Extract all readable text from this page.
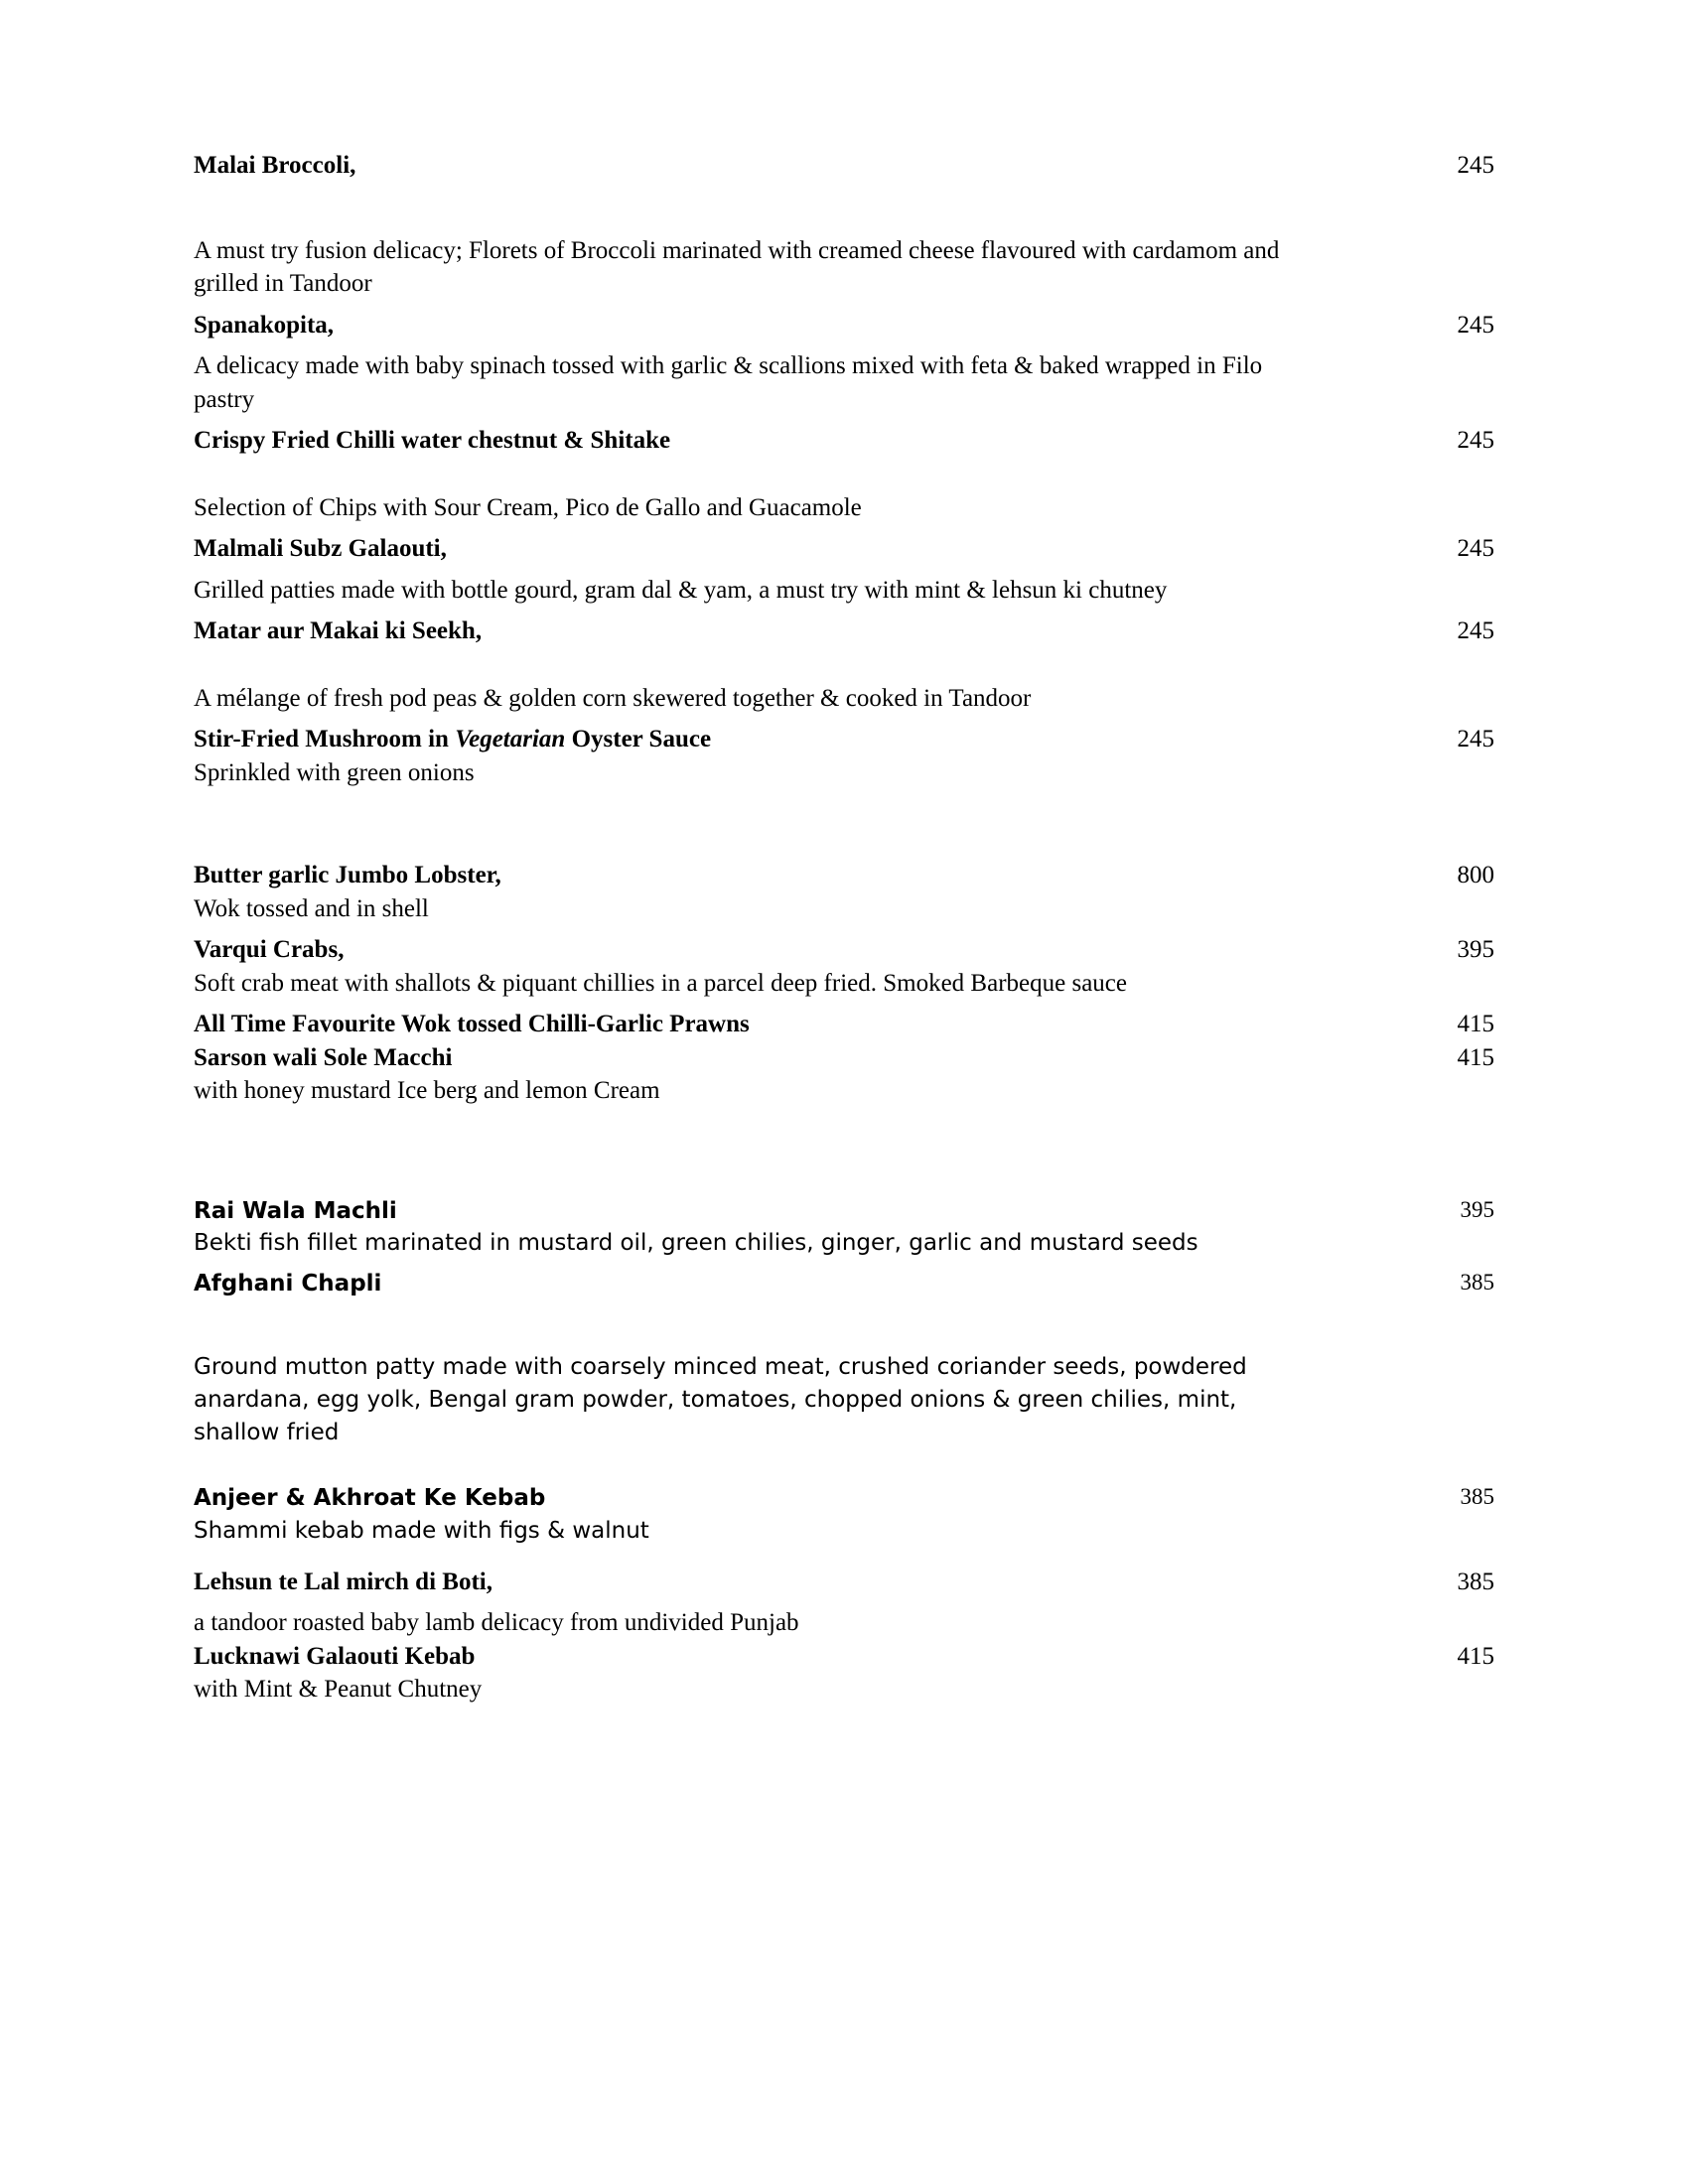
Malai Broccoli,	245
A must try fusion delicacy; Florets of Broccoli marinated with creamed cheese flavoured with cardamom and grilled in Tandoor
Spanakopita,	245
A delicacy made with baby spinach tossed with garlic & scallions mixed with feta & baked wrapped in Filo pastry
Crispy Fried Chilli water chestnut & Shitake	245
Selection of Chips with Sour Cream, Pico de Gallo and Guacamole
Malmali Subz Galaouti,	245
Grilled patties made with bottle gourd, gram dal & yam, a must try with mint & lehsun ki chutney
Matar aur Makai ki Seekh,	245
A mélange of fresh pod peas & golden corn skewered together & cooked in Tandoor
Stir-Fried Mushroom in Vegetarian Oyster Sauce	245
Sprinkled with green onions
Butter garlic Jumbo Lobster,	800
Wok tossed and in shell
Varqui Crabs,	395
Soft crab meat with shallots & piquant chillies in a parcel deep fried. Smoked Barbeque sauce
All Time Favourite Wok tossed Chilli-Garlic Prawns	415
Sarson wali Sole Macchi	415
with honey mustard Ice berg and lemon Cream
Rai Wala Machli	395
Bekti fish fillet marinated in mustard oil, green chilies, ginger, garlic and mustard seeds
Afghani Chapli	385
Ground mutton patty made with coarsely minced meat, crushed coriander seeds, powdered anardana, egg yolk, Bengal gram powder, tomatoes, chopped onions & green chilies, mint, shallow fried
Anjeer & Akhroat Ke Kebab	385
Shammi kebab made with figs & walnut
Lehsun te Lal mirch di Boti,	385
a tandoor roasted baby lamb delicacy from undivided Punjab
Lucknawi Galaouti Kebab	415
with Mint & Peanut Chutney
